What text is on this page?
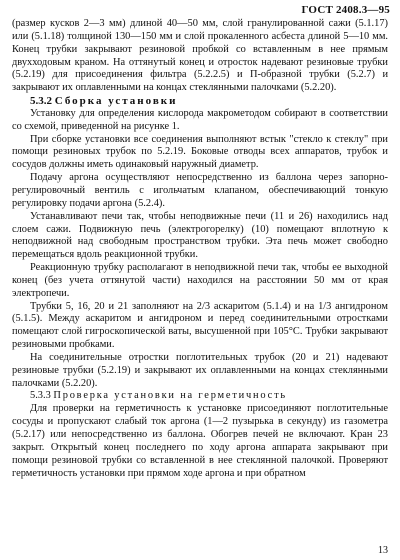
ГОСТ 2408.3—95

(размер кусков 2—3 мм) длиной 40—50 мм, слой гранулированной сажи (5.1.17) или (5.1.18) толщиной 130—150 мм и слой прокаленного асбеста длиной 5—10 мм. Конец трубки закрывают резиновой пробкой со вставленным в нее прямым двухходовым краном. На оттянутый конец и отросток надевают резиновые трубки (5.2.19) для присоединения фильтра (5.2.2.5) и П-образной трубки (5.2.7) и закрывают их оплавленными на концах стеклянными палочками (5.2.20).

5.3.2 Сборка установки

Установку для определения кислорода макрометодом собирают в соответствии со схемой, приведенной на рисунке 1.

При сборке установки все соединения выполняют встык "стекло к стеклу" при помощи резиновых трубок по 5.2.19. Боковые отводы всех аппаратов, трубок и сосудов должны иметь одинаковый наружный диаметр.

Подачу аргона осуществляют непосредственно из баллона через запорно-регулировочный вентиль с игольчатым клапаном, обеспечивающий тонкую регулировку подачи аргона (5.2.4).

Устанавливают печи так, чтобы неподвижные печи (11 и 26) находились над слоем сажи. Подвижную печь (электрогорелку) (10) помещают вплотную к неподвижной над свободным пространством трубки. Эта печь может свободно перемещаться вдоль реакционной трубки.

Реакционную трубку располагают в неподвижной печи так, чтобы ее выходной конец (без учета оттянутой части) находился на расстоянии 50 мм от края электропечи.

Трубки 5, 16, 20 и 21 заполняют на 2/3 аскаритом (5.1.4) и на 1/3 ангидроном (5.1.5). Между аскаритом и ангидроном и перед соединительными отростками помещают слой гигроскопической ваты, высушенной при 105°С. Трубки закрывают резиновыми пробками.

На соединительные отростки поглотительных трубок (20 и 21) надевают резиновые трубки (5.2.19) и закрывают их оплавленными на концах стеклянными палочками (5.2.20).

5.3.3 Проверка установки на герметичность

Для проверки на герметичность к установке присоединяют поглотительные сосуды и пропускают слабый ток аргона (1—2 пузырька в секунду) из газометра (5.2.17) или непосредственно из баллона. Обогрев печей не включают. Кран 23 закрыт. Открытый конец последнего по ходу аргона аппарата закрывают при помощи резиновой трубки со вставленной в нее стеклянной палочкой. Проверяют герметичность установки при прямом ходе аргона и при обратном

13
